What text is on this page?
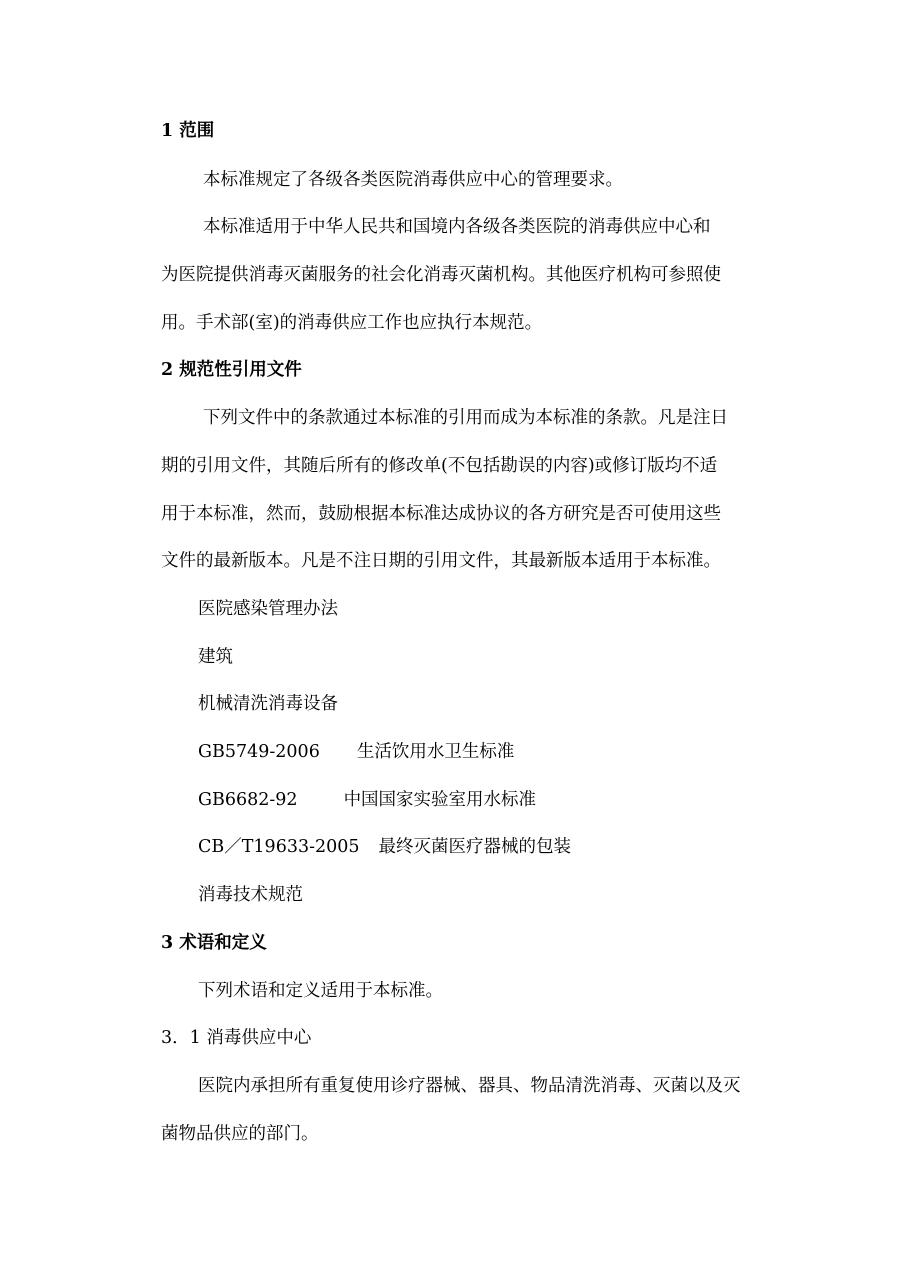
1 范围
本标准规定了各级各类医院消毒供应中心的管理要求。
本标准适用于中华人民共和国境内各级各类医院的消毒供应中心和
为医院提供消毒灭菌服务的社会化消毒灭菌机构。其他医疗机构可参照使
用。手术部(室)的消毒供应工作也应执行本规范。
2 规范性引用文件
下列文件中的条款通过本标准的引用而成为本标准的条款。凡是注日
期的引用文件，其随后所有的修改单(不包括勘误的内容)或修订版均不适
用于本标准，然而，鼓励根据本标准达成协议的各方研究是否可使用这些
文件的最新版本。凡是不注日期的引用文件，其最新版本适用于本标准。
医院感染管理办法
建筑
机械清洗消毒设备
GB5749-2006 生活饮用水卫生标准
GB6682-92	中国国家实验室用水标准
CB／T19633-2005 最终灭菌医疗器械的包装
消毒技术规范
3 术语和定义
下列术语和定义适用于本标准。
3．1 消毒供应中心
医院内承担所有重复使用诊疗器械、器具、物品清洗消毒、灭菌以及灭
菌物品供应的部门。
